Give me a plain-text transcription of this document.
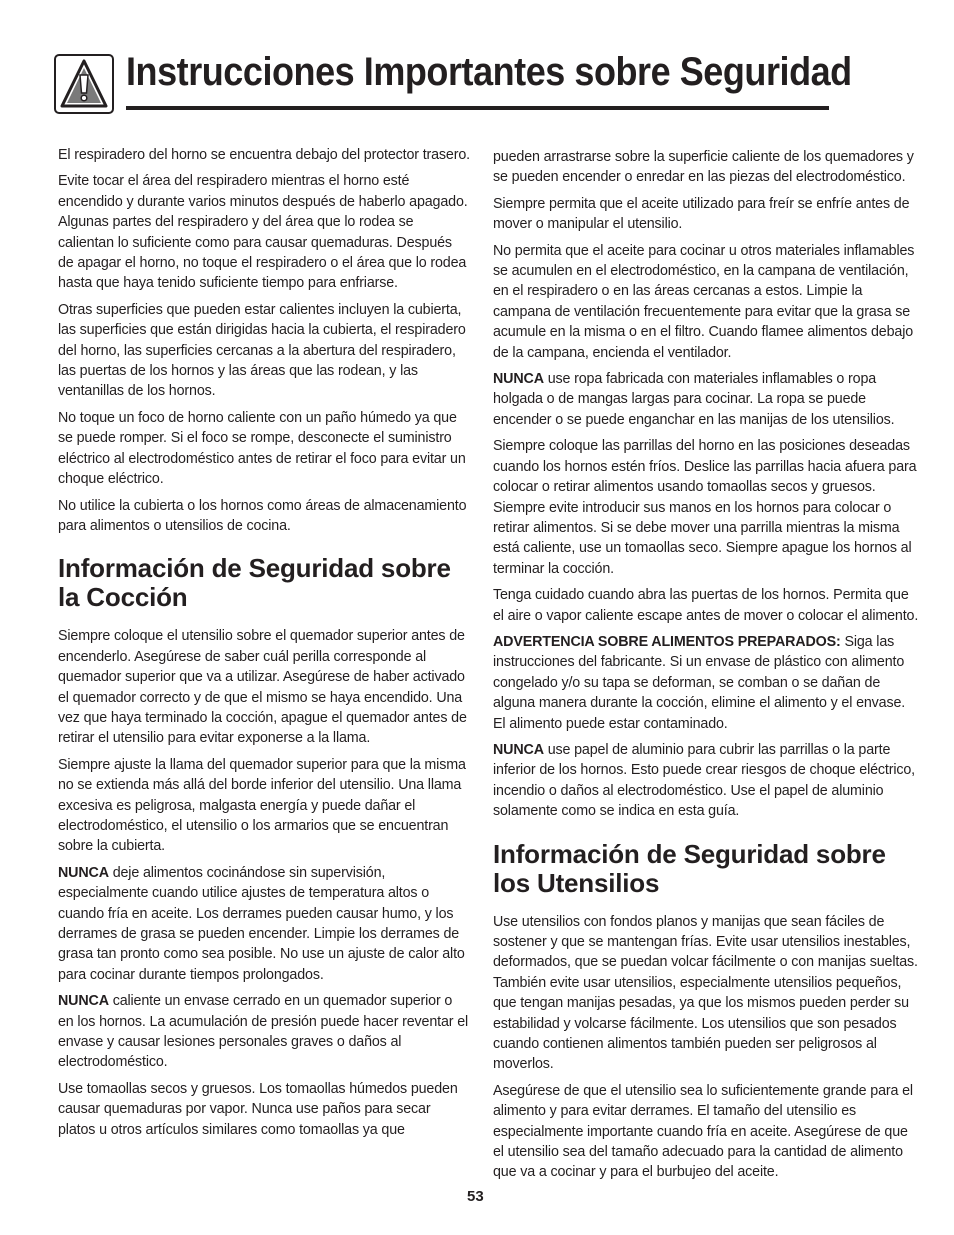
Instrucciones Importantes sobre Seguridad

El respiradero del horno se encuentra debajo del protector trasero.

Evite tocar el área del respiradero mientras el horno esté encendido y durante varios minutos después de haberlo apagado. Algunas partes del respiradero y del área que lo rodea se calientan lo suficiente como para causar quemaduras. Después de apagar el horno, no toque el respiradero o el área que lo rodea hasta que haya tenido suficiente tiempo para enfriarse.

Otras superficies que pueden estar calientes incluyen la cubierta, las superficies que están dirigidas hacia la cubierta, el respiradero del horno, las superficies cercanas a la abertura del respiradero, las puertas de los hornos y las áreas que las rodean, y las ventanillas de los hornos.

No toque un foco de horno caliente con un paño húmedo ya que se puede romper. Si el foco se rompe, desconecte el suministro eléctrico al electrodoméstico antes de retirar el foco para evitar un choque eléctrico.

No utilice la cubierta o los hornos como áreas de almacenamiento para alimentos o utensilios de cocina.

Información de Seguridad sobre la Cocción

Siempre coloque el utensilio sobre el quemador superior antes de encenderlo. Asegúrese de saber cuál perilla corresponde al quemador superior que va a utilizar. Asegúrese de haber activado el quemador correcto y de que el mismo se haya encendido. Una vez que haya terminado la cocción, apague el quemador antes de retirar el utensilio para evitar exponerse a la llama.

Siempre ajuste la llama del quemador superior para que la misma no se extienda más allá del borde inferior del utensilio. Una llama excesiva es peligrosa, malgasta energía y puede dañar el electrodoméstico, el utensilio o los armarios que se encuentran sobre la cubierta.

NUNCA deje alimentos cocinándose sin supervisión, especialmente cuando utilice ajustes de temperatura altos o cuando fría en aceite. Los derrames pueden causar humo, y los derrames de grasa se pueden encender. Limpie los derrames de grasa tan pronto como sea posible. No use un ajuste de calor alto para cocinar durante tiempos prolongados.

NUNCA caliente un envase cerrado en un quemador superior o en los hornos. La acumulación de presión puede hacer reventar el envase y causar lesiones personales graves o daños al electrodoméstico.

Use tomaollas secos y gruesos. Los tomaollas húmedos pueden causar quemaduras por vapor. Nunca use paños para secar platos u otros artículos similares como tomaollas ya que

pueden arrastrarse sobre la superficie caliente de los quemadores y se pueden encender o enredar en las piezas del electrodoméstico.

Siempre permita que el aceite utilizado para freír se enfríe antes de mover o manipular el utensilio.

No permita que el aceite para cocinar u otros materiales inflamables se acumulen en el electrodoméstico, en la campana de ventilación, en el respiradero o en las áreas cercanas a estos. Limpie la campana de ventilación frecuentemente para evitar que la grasa se acumule en la misma o en el filtro. Cuando flamee alimentos debajo de la campana, encienda el ventilador.

NUNCA use ropa fabricada con materiales inflamables o ropa holgada o de mangas largas para cocinar. La ropa se puede encender o se puede enganchar en las manijas de los utensilios.

Siempre coloque las parrillas del horno en las posiciones deseadas cuando los hornos estén fríos. Deslice las parrillas hacia afuera para colocar o retirar alimentos usando tomaollas secos y gruesos. Siempre evite introducir sus manos en los hornos para colocar o retirar alimentos. Si se debe mover una parrilla mientras la misma está caliente, use un tomaollas seco. Siempre apague los hornos al terminar la cocción.

Tenga cuidado cuando abra las puertas de los hornos. Permita que el aire o vapor caliente escape antes de mover o colocar el alimento.

ADVERTENCIA SOBRE ALIMENTOS PREPARADOS: Siga las instrucciones del fabricante. Si un envase de plástico con alimento congelado y/o su tapa se deforman, se comban o se dañan de alguna manera durante la cocción, elimine el alimento y el envase. El alimento puede estar contaminado.

NUNCA use papel de aluminio para cubrir las parrillas o la parte inferior de los hornos. Esto puede crear riesgos de choque eléctrico, incendio o daños al electrodoméstico. Use el papel de aluminio solamente como se indica en esta guía.

Información de Seguridad sobre los Utensilios

Use utensilios con fondos planos y manijas que sean fáciles de sostener y que se mantengan frías. Evite usar utensilios inestables, deformados, que se puedan volcar fácilmente o con manijas sueltas. También evite usar utensilios, especialmente utensilios pequeños, que tengan manijas pesadas, ya que los mismos pueden perder su estabilidad y volcarse fácilmente. Los utensilios que son pesados cuando contienen alimentos también pueden ser peligrosos al moverlos.

Asegúrese de que el utensilio sea lo suficientemente grande para el alimento y para evitar derrames. El tamaño del utensilio es especialmente importante cuando fría en aceite. Asegúrese de que el utensilio sea del tamaño adecuado para la cantidad de alimento que va a cocinar y para el burbujeo del aceite.

53
